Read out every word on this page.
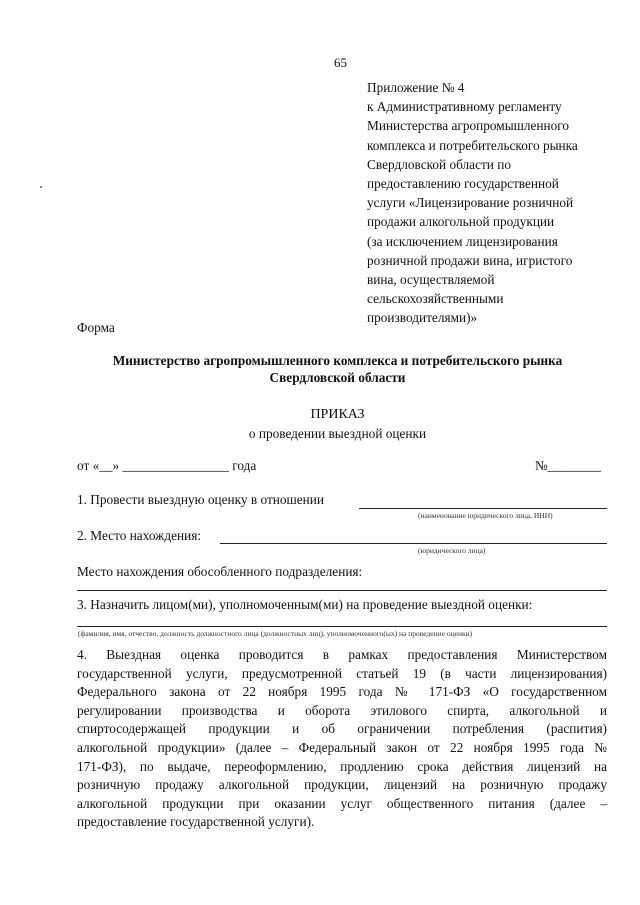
65
Приложение № 4
к Административному регламенту
Министерства агропромышленного
комплекса и потребительского рынка
Свердловской области по
предоставлению государственной
услуги «Лицензирование розничной
продажи алкогольной продукции
(за исключением лицензирования
розничной продажи вина, игристого
вина, осуществляемой
сельскохозяйственными
производителями)»
Форма
Министерство агропромышленного комплекса и потребительского рынка
Свердловской области
ПРИКАЗ
о проведении выездной оценки
от «__» ________________ года	№________
1. Провести выездную оценку в отношении
(наименование юридического лица, ИНН)
2. Место нахождения:
(юридического лица)
Место нахождения обособленного подразделения:
3. Назначить лицом(ми), уполномоченным(ми) на проведение выездной оценки:
(фамилия, имя, отчество, должность должностного лица (должностных лиц), уполномоченного(ых) на проведение оценки)
4. Выездная оценка проводится в рамках предоставления Министерством
государственной услуги, предусмотренной статьей 19 (в части лицензирования)
Федерального закона от 22 ноября 1995 года № 171-ФЗ «О государственном
регулировании производства и оборота этилового спирта, алкогольной и
спиртосодержащей продукции и об ограничении потребления (распития)
алкогольной продукции» (далее – Федеральный закон от 22 ноября 1995 года №
171-ФЗ), по выдаче, переоформлению, продлению срока действия лицензий на
розничную продажу алкогольной продукции, лицензий на розничную продажу
алкогольной продукции при оказании услуг общественного питания (далее –
предоставление государственной услуги).
